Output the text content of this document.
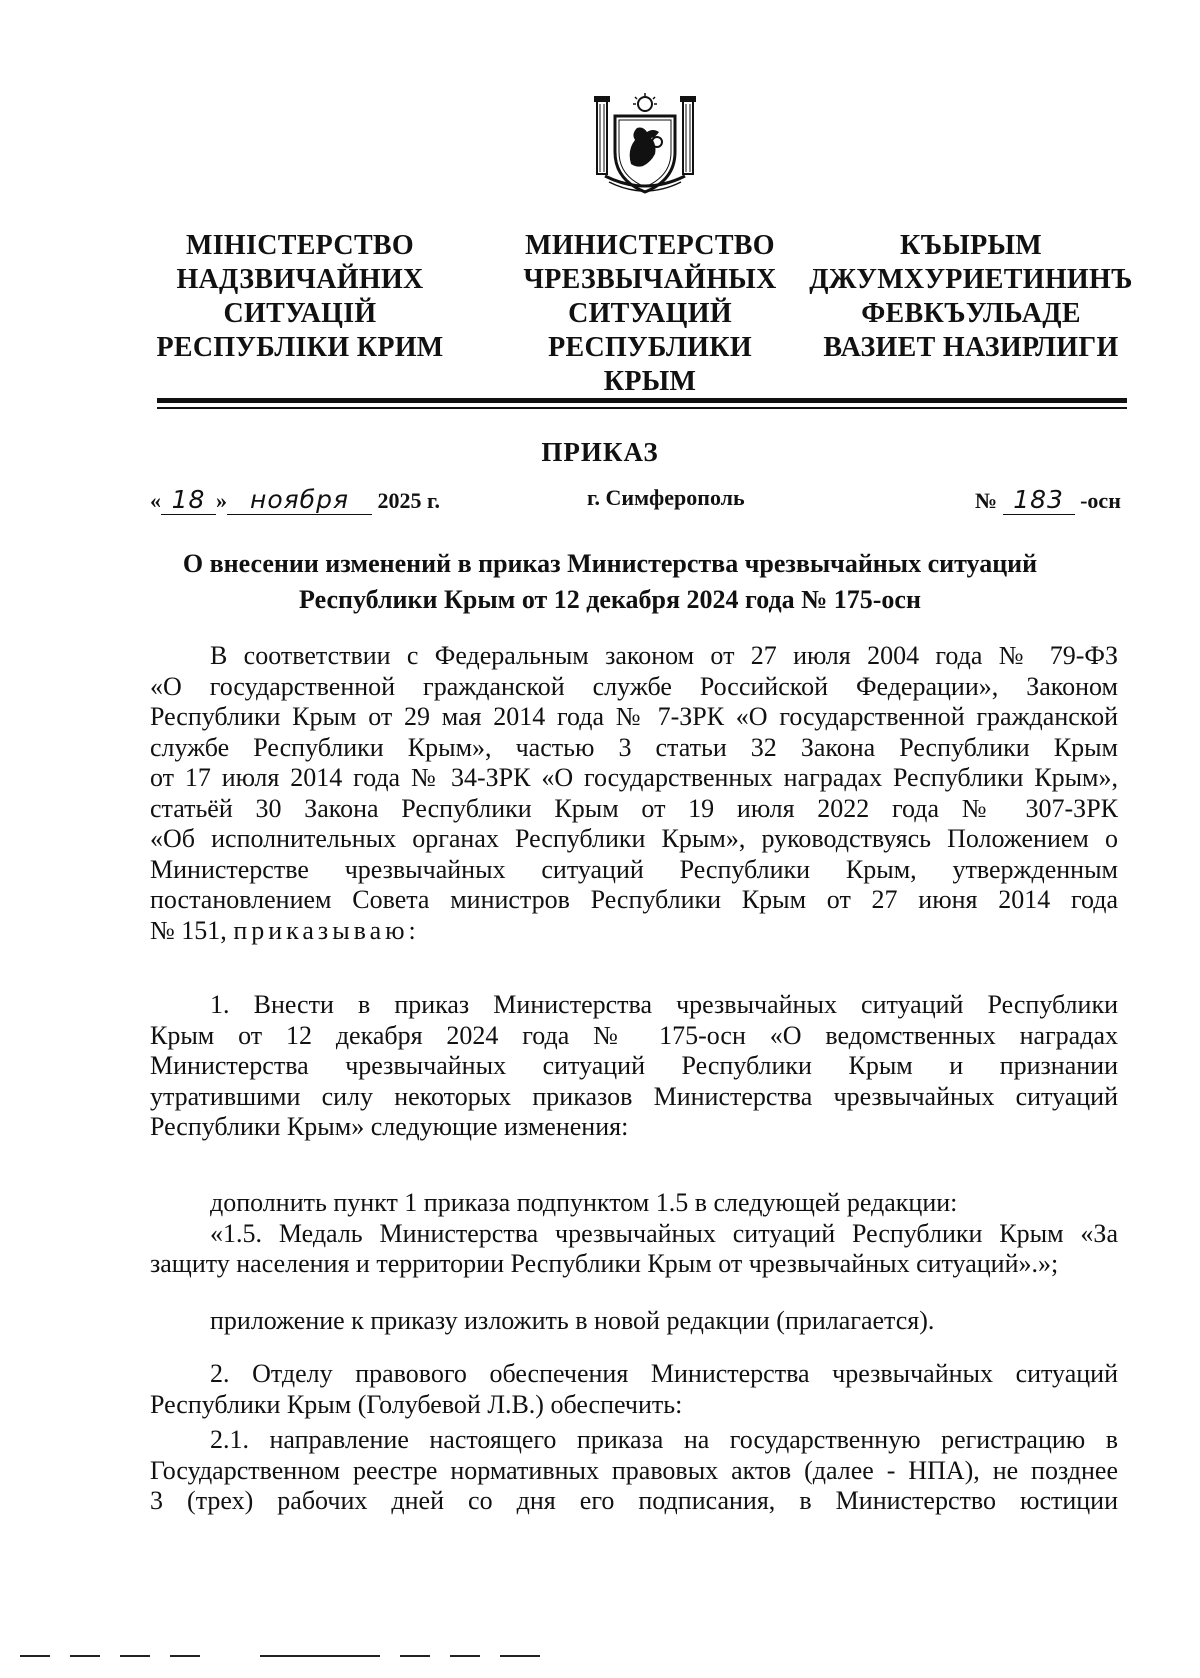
МІНІСТЕРСТВО
НАДЗВИЧАЙНИХ
СИТУАЦІЙ
РЕСПУБЛІКИ КРИМ
МИНИСТЕРСТВО
ЧРЕЗВЫЧАЙНЫХ
СИТУАЦИЙ
РЕСПУБЛИКИ
КРЫМ
КЪЫРЫМ
ДЖУМХУРИЕТИНИНЪ
ФЕВКЪУЛЬАДЕ
ВАЗИЕТ НАЗИРЛИГИ
ПРИКАЗ
« 18 » ноября 2025 г.	г. Симферополь	№ 183 -осн
О внесении изменений в приказ Министерства чрезвычайных ситуаций
Республики Крым от 12 декабря 2024 года № 175-осн
В соответствии с Федеральным законом от 27 июля 2004 года № 79-ФЗ
«О государственной гражданской службе Российской Федерации», Законом
Республики Крым от 29 мая 2014 года № 7-ЗРК «О государственной гражданской
службе Республики Крым», частью 3 статьи 32 Закона Республики Крым
от 17 июля 2014 года № 34-ЗРК «О государственных наградах Республики Крым»,
статьёй 30 Закона Республики Крым от 19 июля 2022 года № 307-ЗРК
«Об исполнительных органах Республики Крым», руководствуясь Положением о
Министерстве чрезвычайных ситуаций Республики Крым, утвержденным
постановлением Совета министров Республики Крым от 27 июня 2014 года
№ 151, приказываю:
1. Внести в приказ Министерства чрезвычайных ситуаций Республики
Крым от 12 декабря 2024 года № 175-осн «О ведомственных наградах
Министерства чрезвычайных ситуаций Республики Крым и признании
утратившими силу некоторых приказов Министерства чрезвычайных ситуаций
Республики Крым» следующие изменения:
дополнить пункт 1 приказа подпунктом 1.5 в следующей редакции:
«1.5. Медаль Министерства чрезвычайных ситуаций Республики Крым «За
защиту населения и территории Республики Крым от чрезвычайных ситуаций».»;
приложение к приказу изложить в новой редакции (прилагается).
2. Отделу правового обеспечения Министерства чрезвычайных ситуаций
Республики Крым (Голубевой Л.В.) обеспечить:
2.1. направление настоящего приказа на государственную регистрацию в
Государственном реестре нормативных правовых актов (далее - НПА), не позднее
3 (трех) рабочих дней со дня его подписания, в Министерство юстиции
